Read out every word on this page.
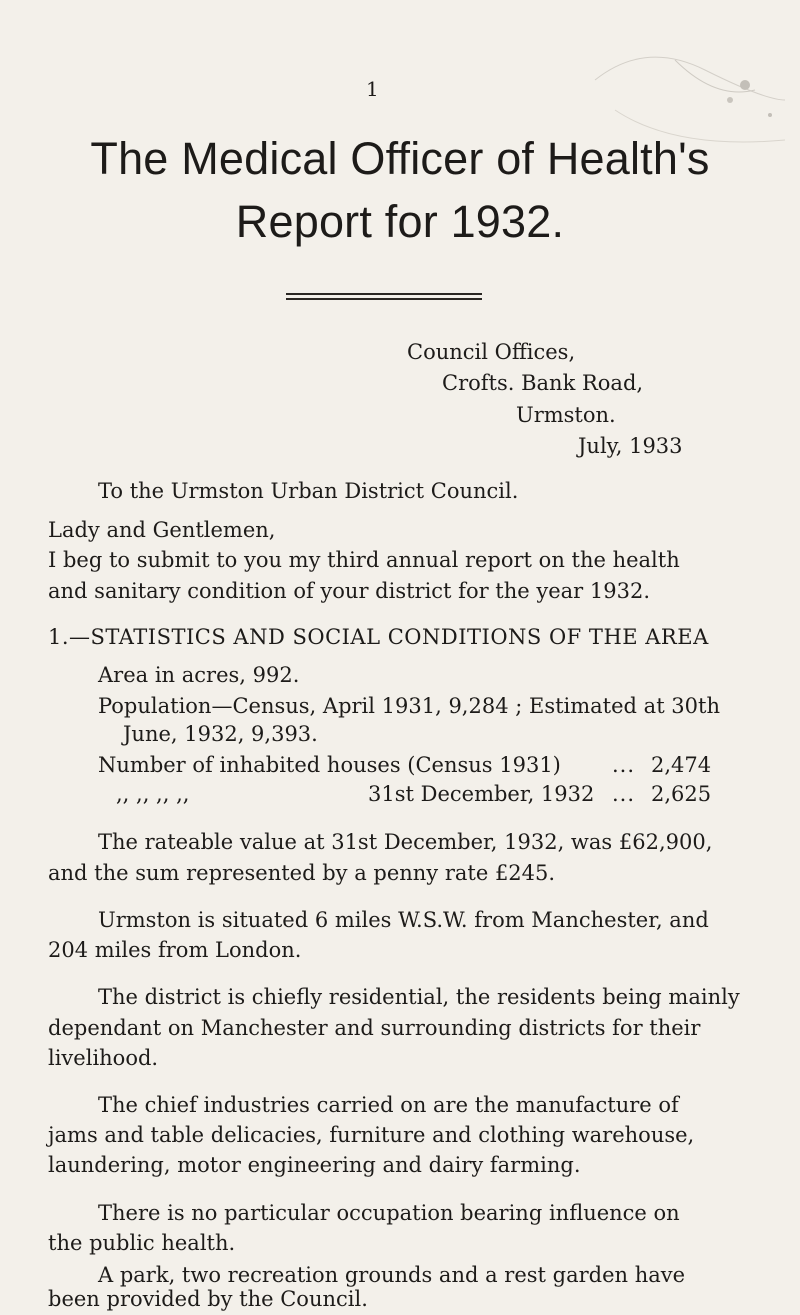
1
The Medical Officer of Health's
Report for 1932.
Council Offices,
Crofts. Bank Road,
Urmston.
July, 1933
To the Urmston Urban District Council.
Lady and Gentlemen,
I beg to submit to you my third annual report on the health
and sanitary condition of your district for the year 1932.
1.—STATISTICS AND SOCIAL CONDITIONS OF THE AREA
Area in acres, 992.
Population—Census, April 1931, 9,284 ; Estimated at 30th
June, 1932, 9,393.
Number of inhabited houses (Census 1931) ... 2,474
,, ,, ,, ,,	31st December, 1932 ... 2,625
The rateable value at 31st December, 1932, was £62,900,
and the sum represented by a penny rate £245.
Urmston is situated 6 miles W.S.W. from Manchester, and
204 miles from London.
The district is chiefly residential, the residents being mainly
dependant on Manchester and surrounding districts for their
livelihood.
The chief industries carried on are the manufacture of
jams and table delicacies, furniture and clothing warehouse,
laundering, motor engineering and dairy farming.
There is no particular occupation bearing influence on
the public health.
A park, two recreation grounds and a rest garden have
been provided by the Council.
